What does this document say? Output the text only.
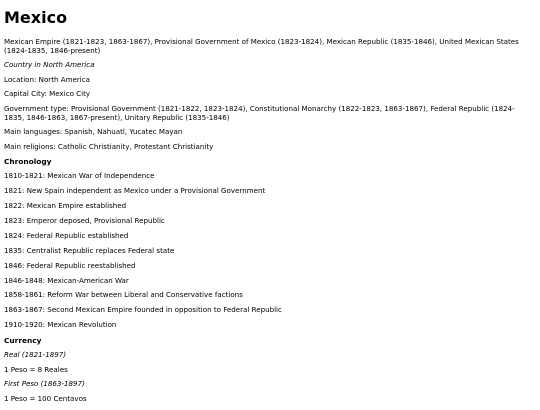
Mexico
Mexican Empire (1821-1823, 1863-1867), Provisional Government of Mexico (1823-1824), Mexican Republic (1835-1846), United Mexican States (1824-1835, 1846-present)
Country in North America
Location: North America
Capital City: Mexico City
Government type: Provisional Government (1821-1822, 1823-1824), Constitutional Monarchy (1822-1823, 1863-1867), Federal Republic (1824-1835, 1846-1863, 1867-present), Unitary Republic (1835-1846)
Main languages: Spanish, Nahuatl, Yucatec Mayan
Main religions: Catholic Christianity, Protestant Christianity
Chronology
1810-1821: Mexican War of Independence
1821: New Spain independent as Mexico under a Provisional Government
1822: Mexican Empire established
1823: Emperor deposed, Provisional Republic
1824: Federal Republic established
1835: Centralist Republic replaces Federal state
1846: Federal Republic reestablished
1846-1848: Mexican-American War
1858-1861: Reform War between Liberal and Conservative factions
1863-1867: Second Mexican Empire founded in opposition to Federal Republic
1910-1920: Mexican Revolution
Currency
Real (1821-1897)
1 Peso = 8 Reales
First Peso (1863-1897)
1 Peso = 100 Centavos
